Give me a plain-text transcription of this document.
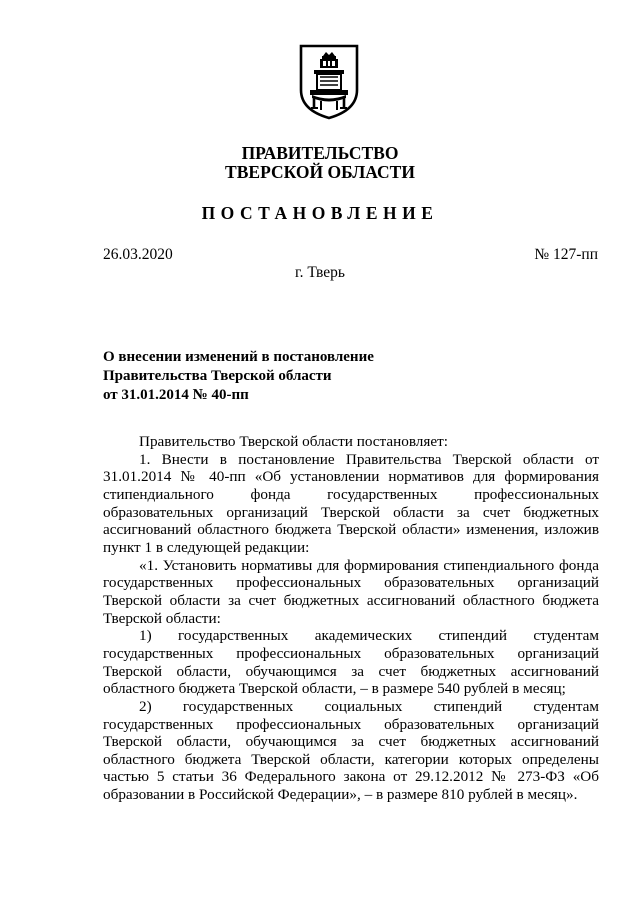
ПРАВИТЕЛЬСТВО
ТВЕРСКОЙ ОБЛАСТИ
ПОСТАНОВЛЕНИЕ
26.03.2020	№ 127-пп
г. Тверь
О внесении изменений в постановление
Правительства Тверской области
от 31.01.2014 № 40-пп

Правительство Тверской области постановляет:

1. Внести в постановление Правительства Тверской области от 31.01.2014 № 40-пп «Об установлении нормативов для формирования стипендиального фонда государственных профессиональных образовательных организаций Тверской области за счет бюджетных ассигнований областного бюджета Тверской области» изменения, изложив пункт 1 в следующей редакции:

«1. Установить нормативы для формирования стипендиального фонда государственных профессиональных образовательных организаций Тверской области за счет бюджетных ассигнований областного бюджета Тверской области:

1) государственных академических стипендий студентам государственных профессиональных образовательных организаций Тверской области, обучающимся за счет бюджетных ассигнований областного бюджета Тверской области, – в размере 540 рублей в месяц;

2) государственных социальных стипендий студентам государственных профессиональных образовательных организаций Тверской области, обучающимся за счет бюджетных ассигнований областного бюджета Тверской области, категории которых определены частью 5 статьи 36 Федерального закона от 29.12.2012 № 273-ФЗ «Об образовании в Российской Федерации», – в размере 810 рублей в месяц».
